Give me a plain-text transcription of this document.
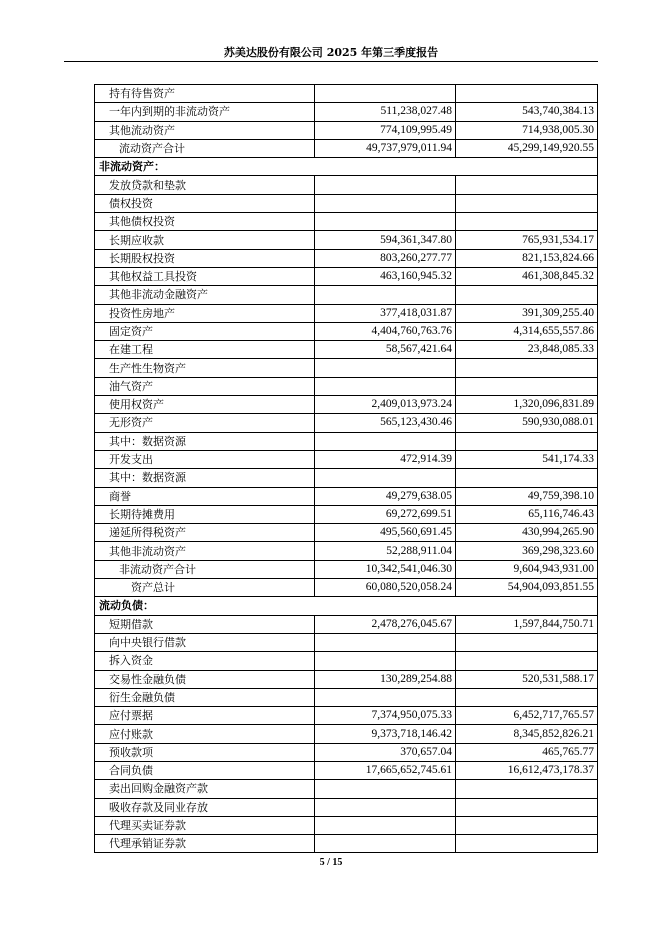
苏美达股份有限公司 2025 年第三季度报告
持有待售资产		
一年内到期的非流动资产	511,238,027.48	543,740,384.13
其他流动资产	774,109,995.49	714,938,005.30
流动资产合计	49,737,979,011.94	45,299,149,920.55
非流动资产：		
发放贷款和垫款		
债权投资		
其他债权投资		
长期应收款	594,361,347.80	765,931,534.17
长期股权投资	803,260,277.77	821,153,824.66
其他权益工具投资	463,160,945.32	461,308,845.32
其他非流动金融资产		
投资性房地产	377,418,031.87	391,309,255.40
固定资产	4,404,760,763.76	4,314,655,557.86
在建工程	58,567,421.64	23,848,085.33
生产性生物资产		
油气资产		
使用权资产	2,409,013,973.24	1,320,096,831.89
无形资产	565,123,430.46	590,930,088.01
其中：数据资源		
开发支出	472,914.39	541,174.33
其中：数据资源		
商誉	49,279,638.05	49,759,398.10
长期待摊费用	69,272,699.51	65,116,746.43
递延所得税资产	495,560,691.45	430,994,265.90
其他非流动资产	52,288,911.04	369,298,323.60
非流动资产合计	10,342,541,046.30	9,604,943,931.00
资产总计	60,080,520,058.24	54,904,093,851.55
流动负债：		
短期借款	2,478,276,045.67	1,597,844,750.71
向中央银行借款		
拆入资金		
交易性金融负债	130,289,254.88	520,531,588.17
衍生金融负债		
应付票据	7,374,950,075.33	6,452,717,765.57
应付账款	9,373,718,146.42	8,345,852,826.21
预收款项	370,657.04	465,765.77
合同负债	17,665,652,745.61	16,612,473,178.37
卖出回购金融资产款		
吸收存款及同业存放		
代理买卖证券款		
代理承销证券款		
5 / 15
